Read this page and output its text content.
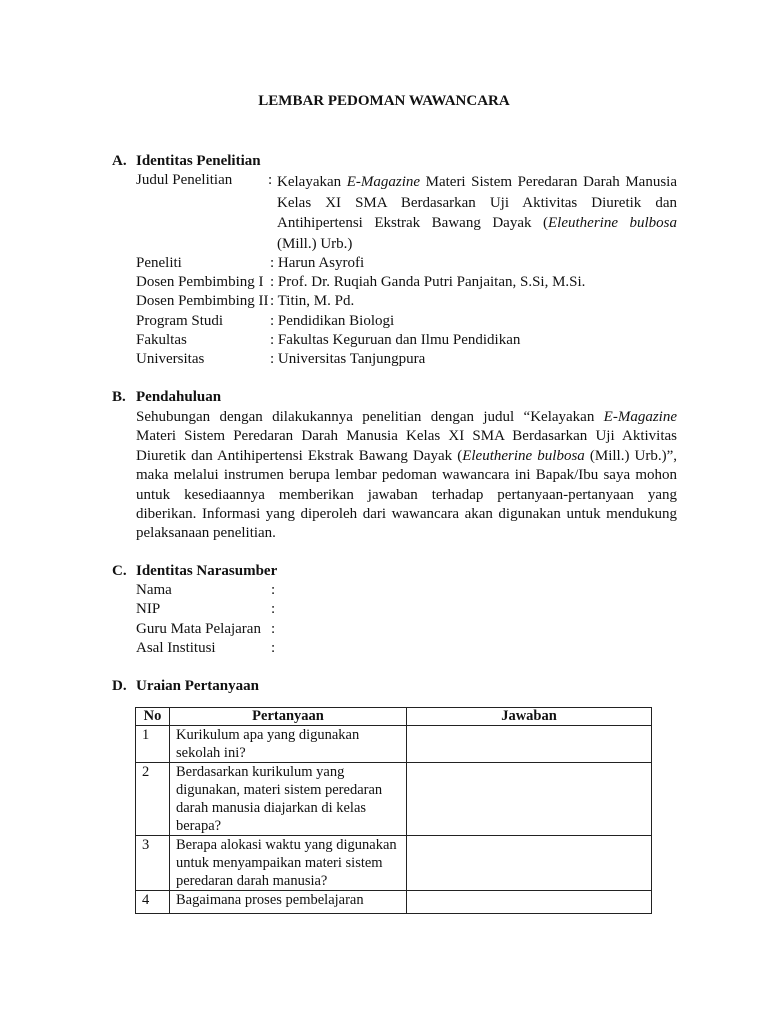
LEMBAR PEDOMAN WAWANCARA
A. Identitas Penelitian
Judul Penelitian : Kelayakan E-Magazine Materi Sistem Peredaran Darah Manusia Kelas XI SMA Berdasarkan Uji Aktivitas Diuretik dan Antihipertensi Ekstrak Bawang Dayak (Eleutherine bulbosa (Mill.) Urb.)
Peneliti	: Harun Asyrofi
Dosen Pembimbing I : Prof. Dr. Ruqiah Ganda Putri Panjaitan, S.Si, M.Si.
Dosen Pembimbing II : Titin, M. Pd.
Program Studi	: Pendidikan Biologi
Fakultas	: Fakultas Keguruan dan Ilmu Pendidikan
Universitas	: Universitas Tanjungpura
B. Pendahuluan
Sehubungan dengan dilakukannya penelitian dengan judul “Kelayakan E-Magazine Materi Sistem Peredaran Darah Manusia Kelas XI SMA Berdasarkan Uji Aktivitas Diuretik dan Antihipertensi Ekstrak Bawang Dayak (Eleutherine bulbosa (Mill.) Urb.)”, maka melalui instrumen berupa lembar pedoman wawancara ini Bapak/Ibu saya mohon untuk kesediaannya memberikan jawaban terhadap pertanyaan-pertanyaan yang diberikan. Informasi yang diperoleh dari wawancara akan digunakan untuk mendukung pelaksanaan penelitian.
C. Identitas Narasumber
Nama	:
NIP	:
Guru Mata Pelajaran :
Asal Institusi	:
D. Uraian Pertanyaan
No	Pertanyaan	Jawaban
1	Kurikulum apa yang digunakan sekolah ini?	
2	Berdasarkan kurikulum yang digunakan, materi sistem peredaran darah manusia diajarkan di kelas berapa?	
3	Berapa alokasi waktu yang digunakan untuk menyampaikan materi sistem peredaran darah manusia?	
4	Bagaimana proses pembelajaran	
